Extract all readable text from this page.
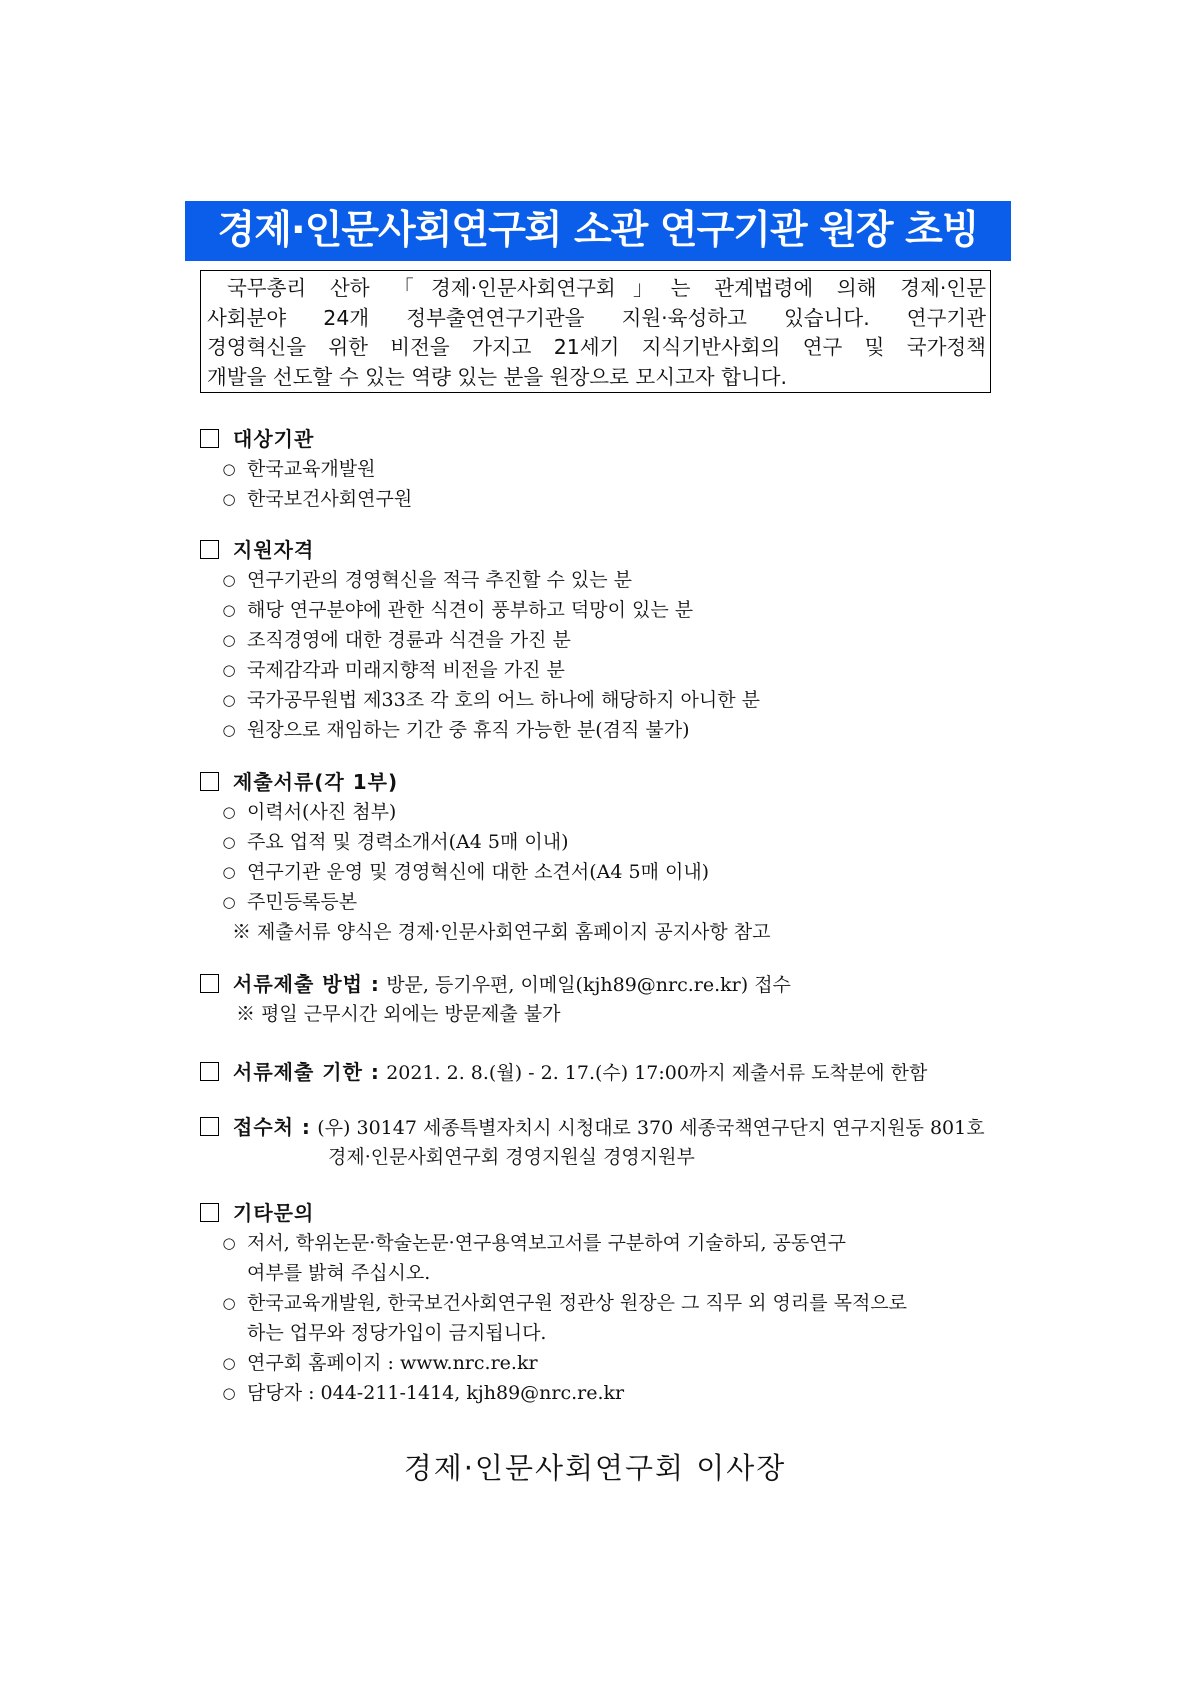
경제·인문사회연구회 소관 연구기관 원장 초빙
국무총리 산하 「경제·인문사회연구회」는 관계법령에 의해 경제·인문
사회분야 24개 정부출연연구기관을 지원·육성하고 있습니다. 연구기관
경영혁신을 위한 비전을 가지고 21세기 지식기반사회의 연구 및 국가정책
개발을 선도할 수 있는 역량 있는 분을 원장으로 모시고자 합니다.
대상기관
○ 한국교육개발원
○ 한국보건사회연구원
지원자격
○ 연구기관의 경영혁신을 적극 추진할 수 있는 분
○ 해당 연구분야에 관한 식견이 풍부하고 덕망이 있는 분
○ 조직경영에 대한 경륜과 식견을 가진 분
○ 국제감각과 미래지향적 비전을 가진 분
○ 국가공무원법 제33조 각 호의 어느 하나에 해당하지 아니한 분
○ 원장으로 재임하는 기간 중 휴직 가능한 분(겸직 불가)
제출서류(각 1부)
○ 이력서(사진 첨부)
○ 주요 업적 및 경력소개서(A4 5매 이내)
○ 연구기관 운영 및 경영혁신에 대한 소견서(A4 5매 이내)
○ 주민등록등본
※ 제출서류 양식은 경제·인문사회연구회 홈페이지 공지사항 참고
서류제출 방법 : 방문, 등기우편, 이메일(kjh89@nrc.re.kr) 접수
※ 평일 근무시간 외에는 방문제출 불가
서류제출 기한 : 2021. 2. 8.(월) - 2. 17.(수) 17:00까지 제출서류 도착분에 한함
접수처 : (우) 30147 세종특별자치시 시청대로 370 세종국책연구단지 연구지원동 801호
경제·인문사회연구회 경영지원실 경영지원부
기타문의
○ 저서, 학위논문·학술논문·연구용역보고서를 구분하여 기술하되, 공동연구
여부를 밝혀 주십시오.
○ 한국교육개발원, 한국보건사회연구원 정관상 원장은 그 직무 외 영리를 목적으로
하는 업무와 정당가입이 금지됩니다.
○ 연구회 홈페이지 : www.nrc.re.kr
○ 담당자 : 044-211-1414, kjh89@nrc.re.kr
경제·인문사회연구회 이사장
